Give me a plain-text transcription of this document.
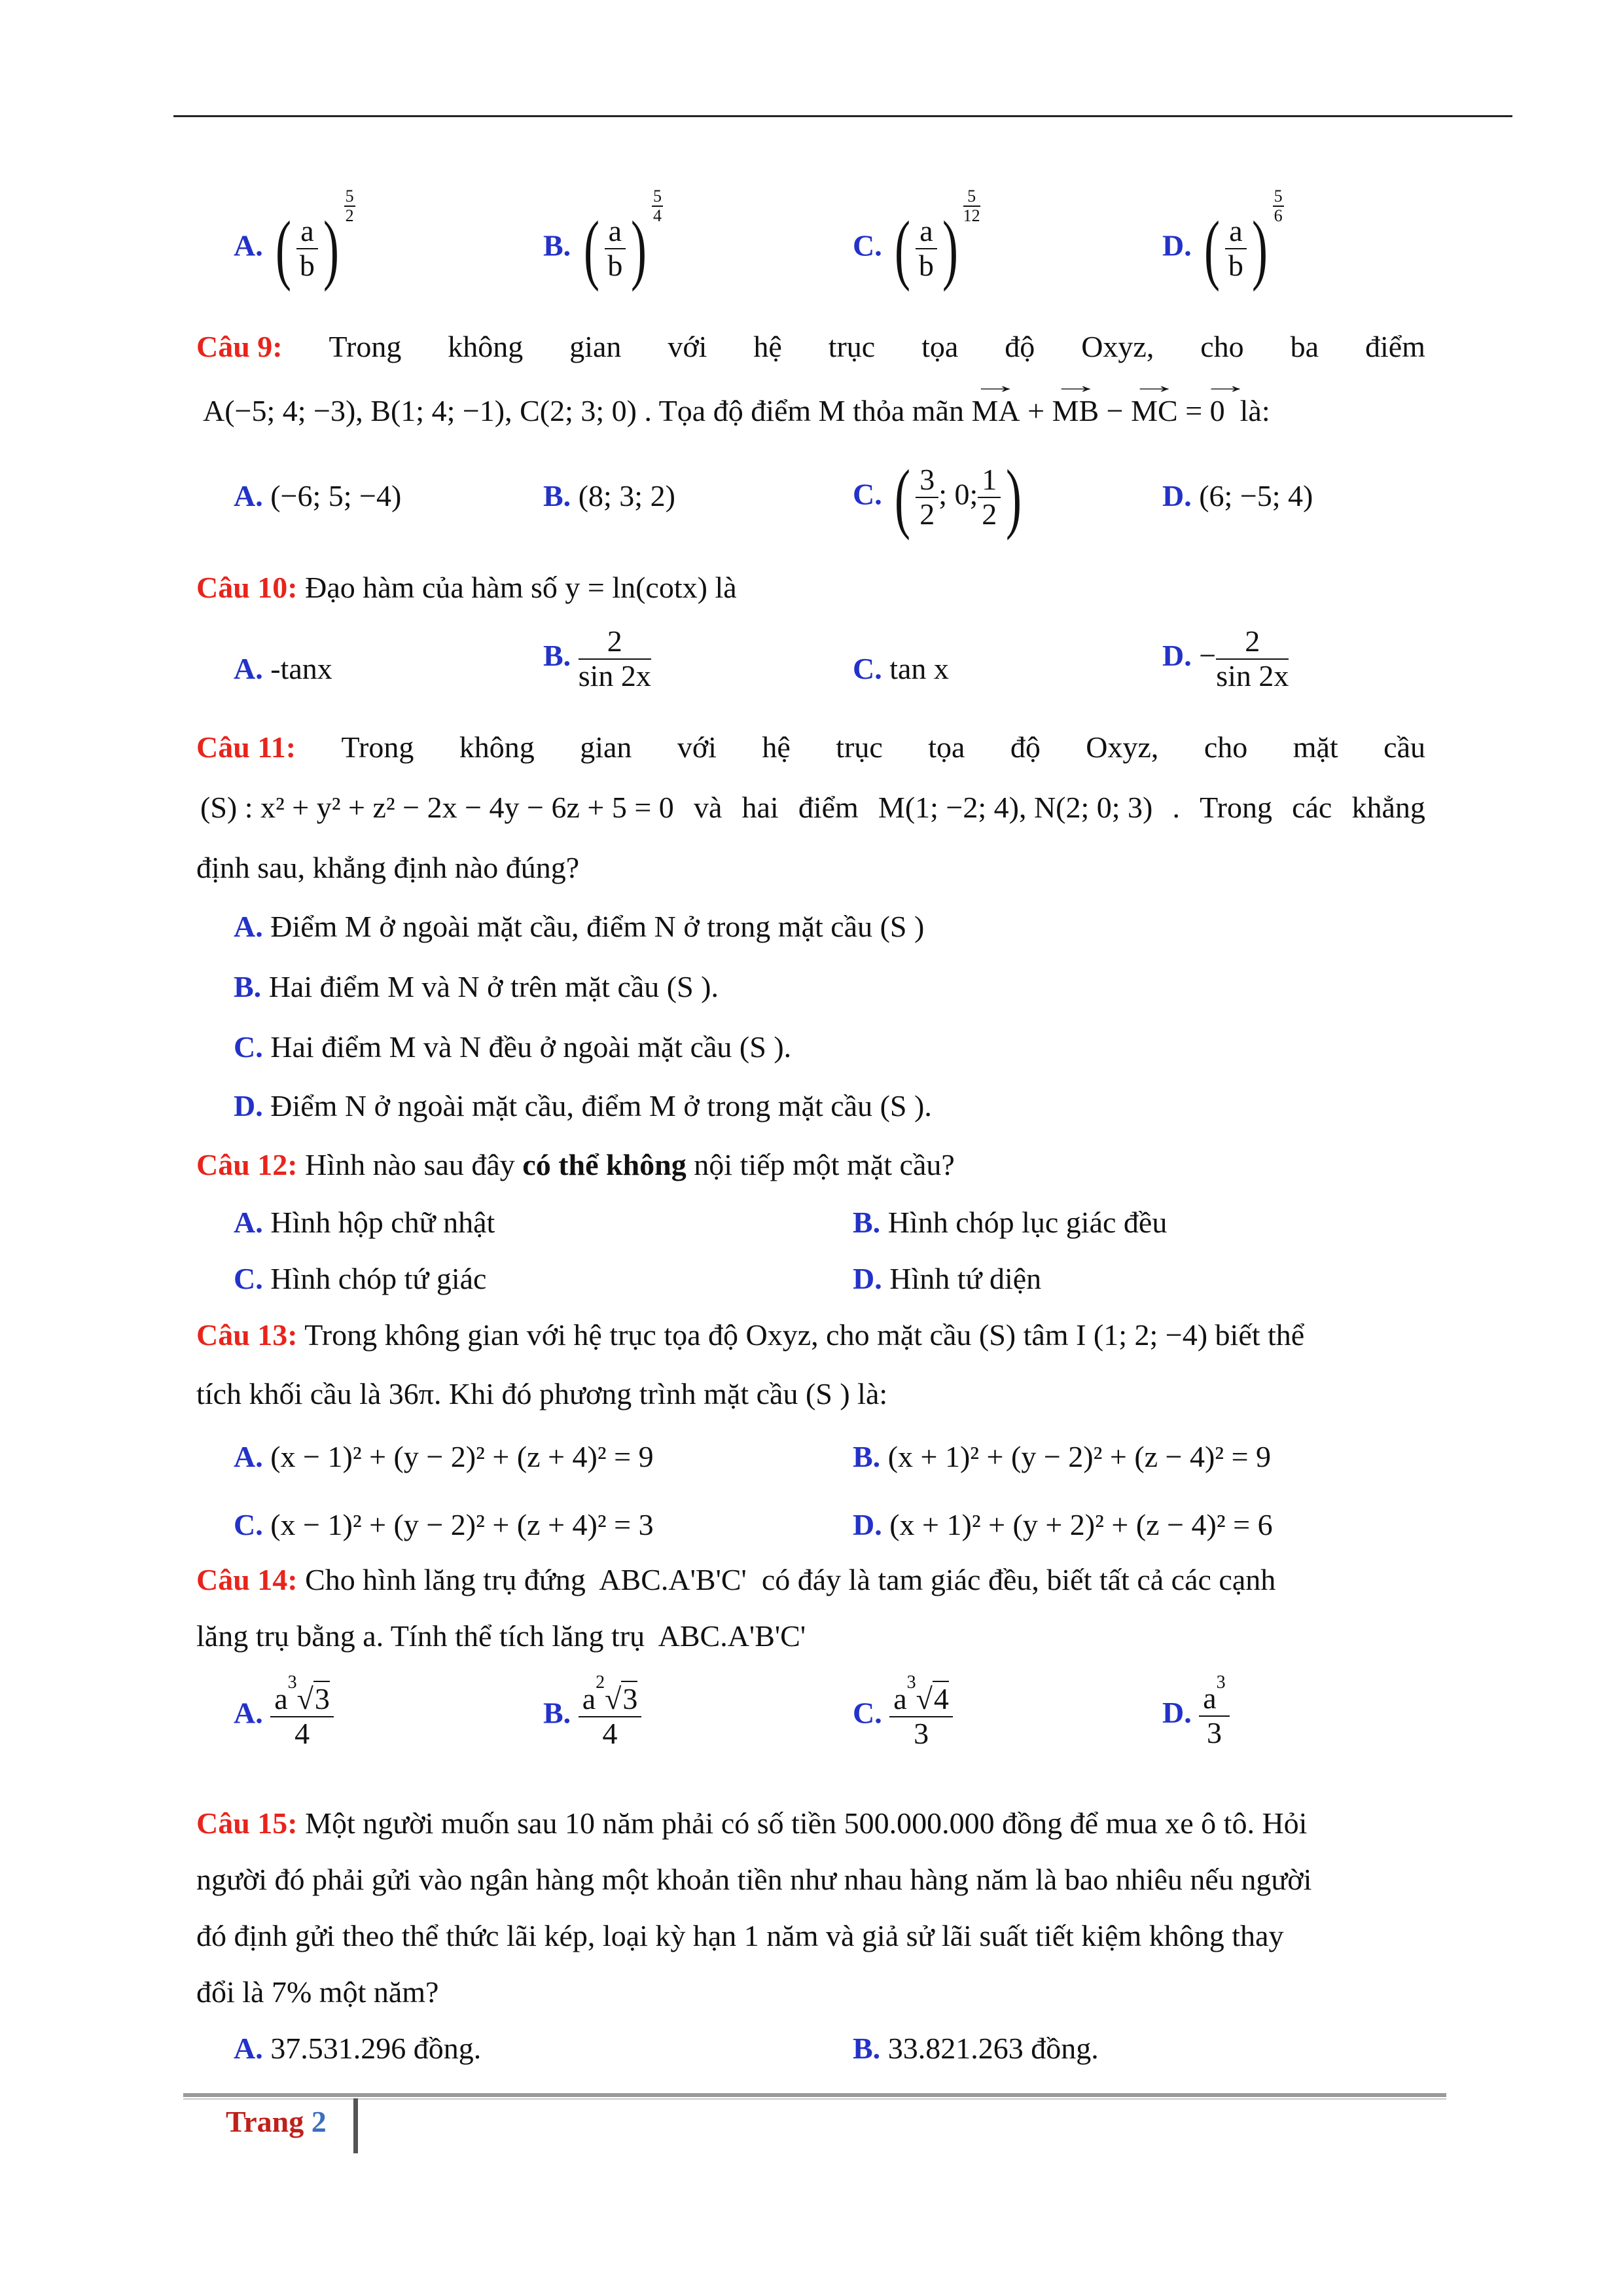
A. ( $\frac{a}{b}$ ) $\frac{5}{2}$
B. ( $\frac{a}{b}$ ) $\frac{5}{4}$
C. ( $\frac{a}{b}$ ) $\frac{5}{12}$
D. ( $\frac{a}{b}$ ) $\frac{5}{6}$
Câu 9: Trong không gian với hệ trục tọa độ Oxyz, cho ba điểm
A(−5; 4; −3), B(1; 4; −1), C(2; 3; 0) . Tọa độ điểm M thỏa mãn → MA + → MB − → MC = → 0 là:
A. (−6; 5; −4)	B. (8; 3; 2)	C. ( $\frac{3}{2}$ ; 0; $\frac{1}{2}$ )	D. (6; −5; 4)
Câu 10: Đạo hàm của hàm số y = ln(cotx) là
A. -tanx	B. $\frac{2}{\sin 2x}$	C. tan x	D. − $\frac{2}{\sin 2x}$
Câu 11: Trong không gian với hệ trục tọa độ Oxyz, cho mặt cầu
(S) : x² + y² + z² − 2x − 4y − 6z + 5 = 0 và hai điểm M(1; −2; 4), N(2; 0; 3) . Trong các khẳng
định sau, khẳng định nào đúng?
A. Điểm M ở ngoài mặt cầu, điểm N ở trong mặt cầu (S )
B. Hai điểm M và N ở trên mặt cầu (S ).
C. Hai điểm M và N đều ở ngoài mặt cầu (S ).
D. Điểm N ở ngoài mặt cầu, điểm M ở trong mặt cầu (S ).
Câu 12: Hình nào sau đây có thể không nội tiếp một mặt cầu?
A. Hình hộp chữ nhật	B. Hình chóp lục giác đều
C. Hình chóp tứ giác	D. Hình tứ diện
Câu 13: Trong không gian với hệ trục tọa độ Oxyz, cho mặt cầu (S) tâm I (1; 2; −4) biết thể
tích khối cầu là 36π. Khi đó phương trình mặt cầu (S ) là:
A. (x − 1)² + (y − 2)² + (z + 4)² = 9	B. (x + 1)² + (y − 2)² + (z − 4)² = 9
C. (x − 1)² + (y − 2)² + (z + 4)² = 3	D. (x + 1)² + (y + 2)² + (z − 4)² = 6
Câu 14: Cho hình lăng trụ đứng ABC.A'B'C' có đáy là tam giác đều, biết tất cả các cạnh
lăng trụ bằng a. Tính thể tích lăng trụ ABC.A'B'C'
A. $\frac{a^3√3}{4}$	B. $\frac{a^2√3}{4}$	C. $\frac{a^3√4}{3}$	D. $\frac{a^3}{3}$
Câu 15: Một người muốn sau 10 năm phải có số tiền 500.000.000 đồng để mua xe ô tô. Hỏi
người đó phải gửi vào ngân hàng một khoản tiền như nhau hàng năm là bao nhiêu nếu người
đó định gửi theo thể thức lãi kép, loại kỳ hạn 1 năm và giả sử lãi suất tiết kiệm không thay
đổi là 7% một năm?
A. 37.531.296 đồng.	B. 33.821.263 đồng.
Trang 2
